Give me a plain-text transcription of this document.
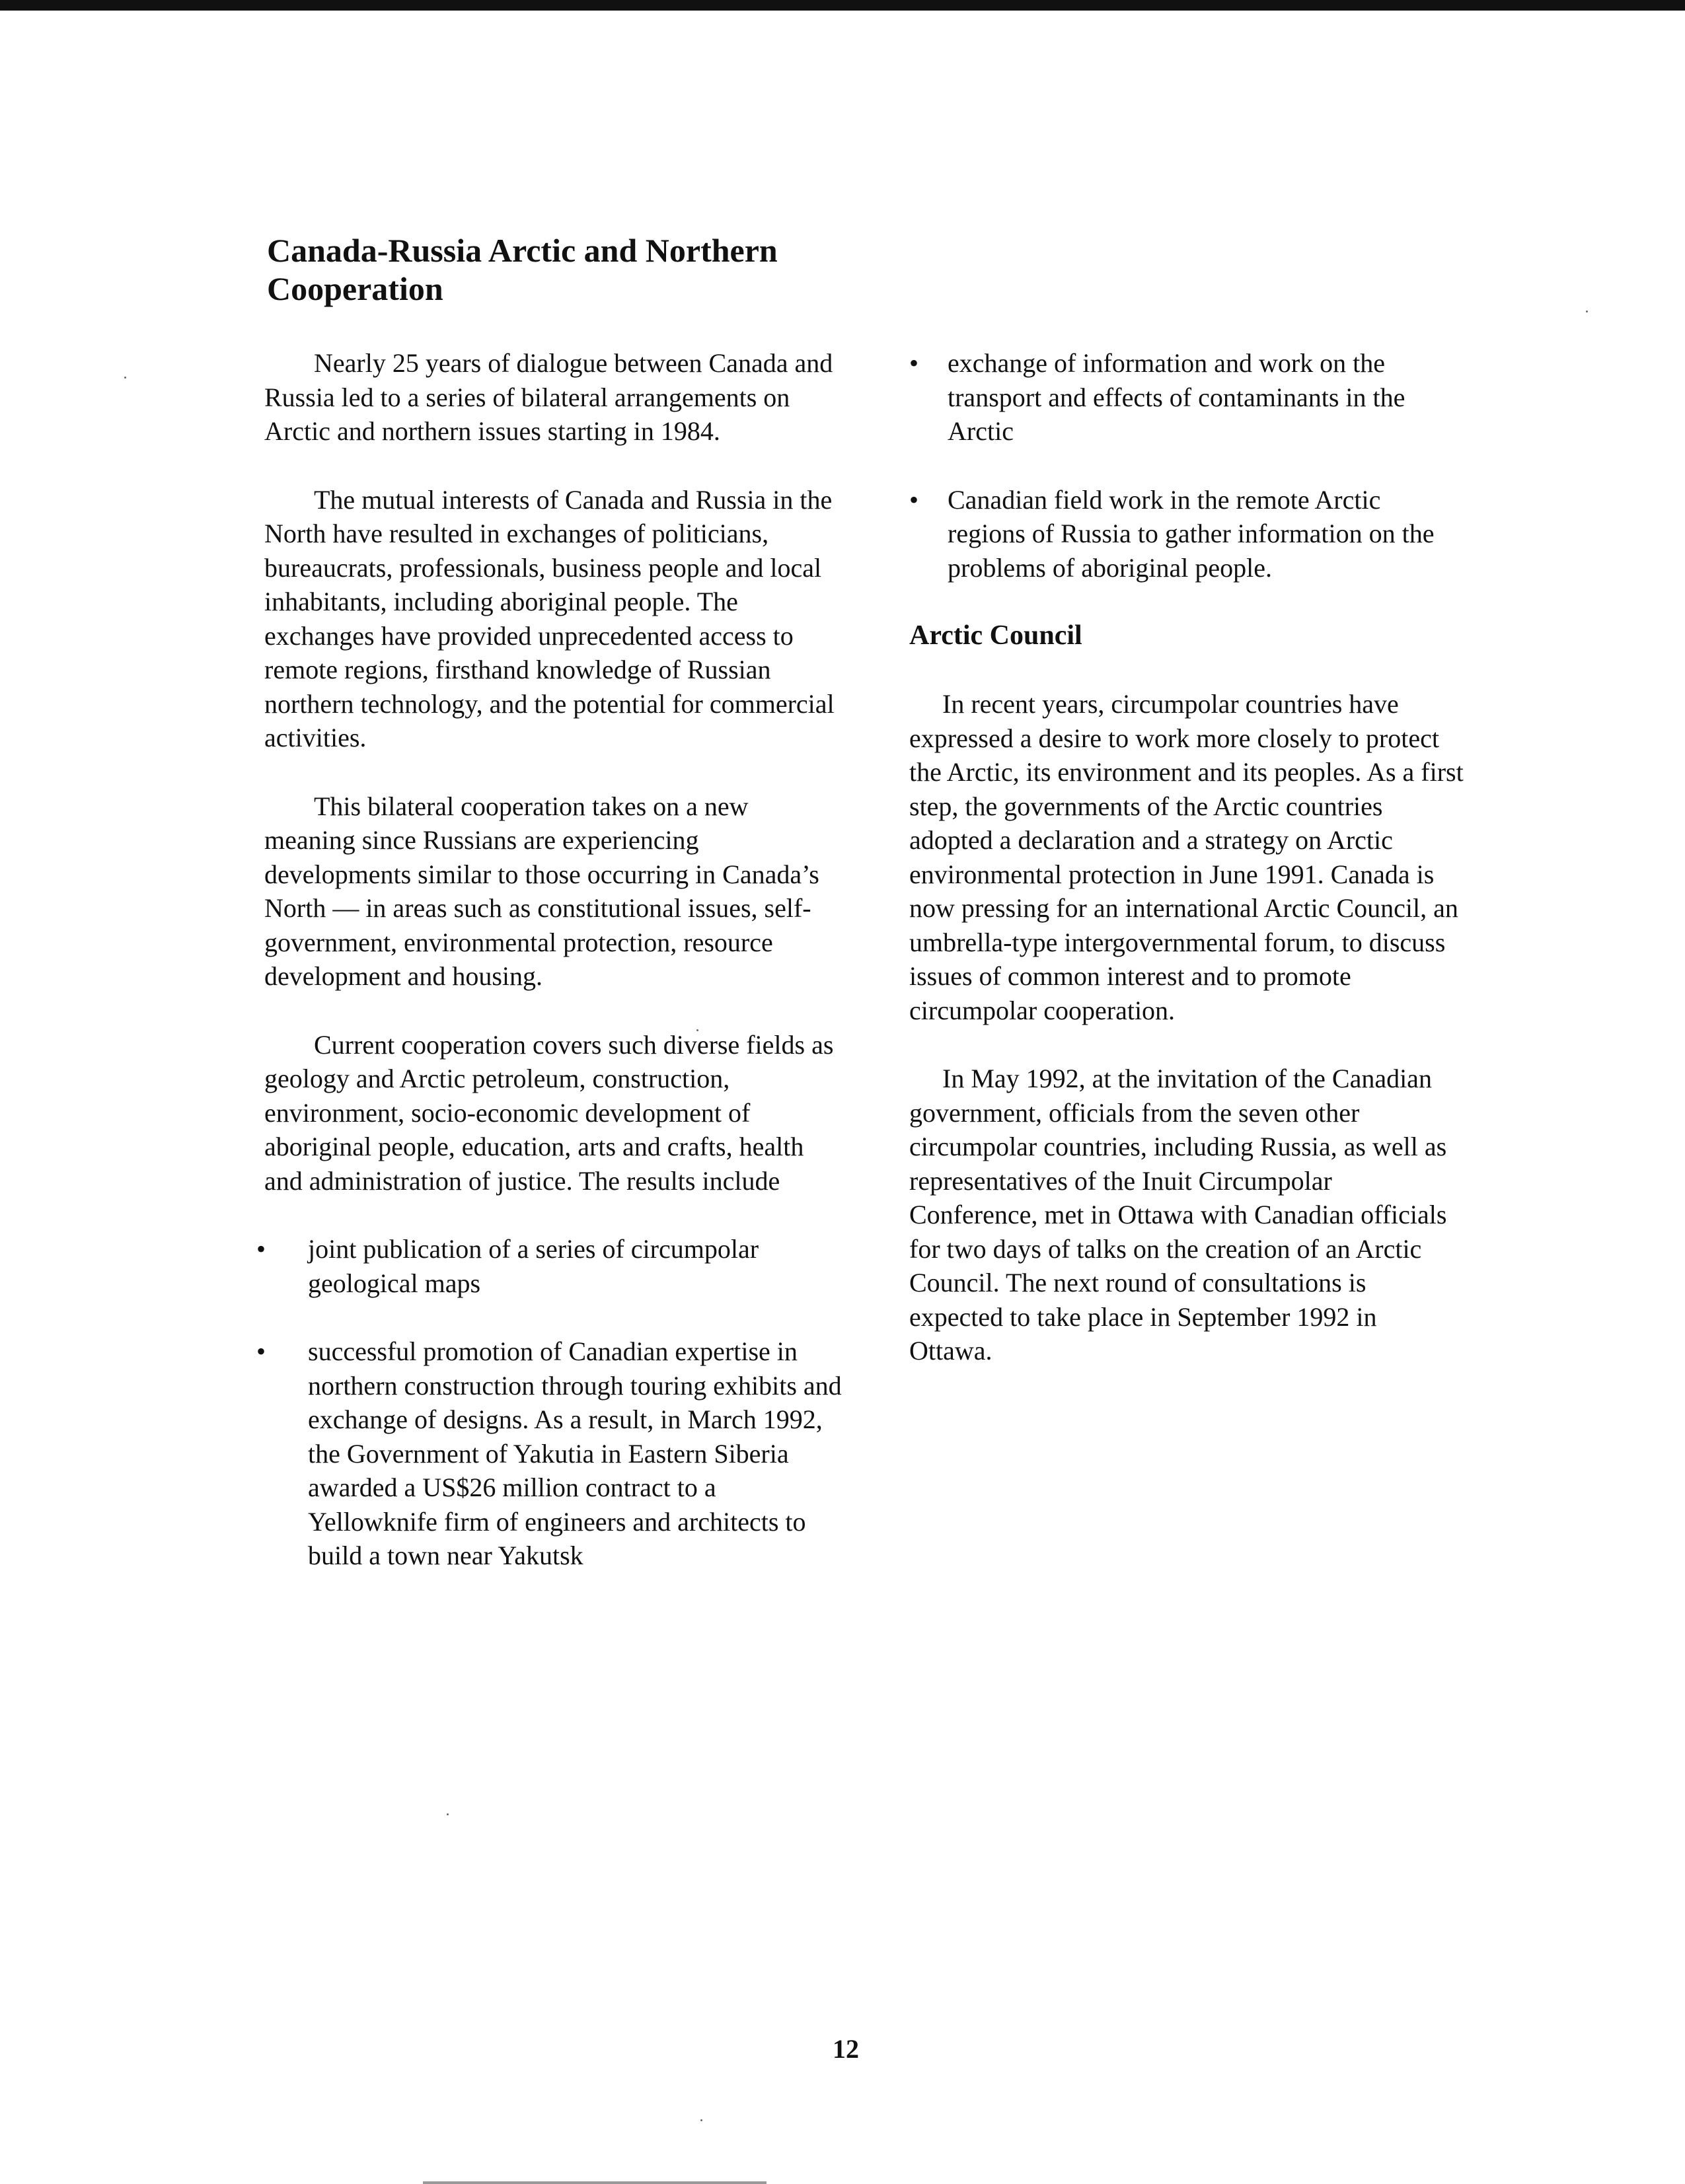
Canada-Russia Arctic and Northern Cooperation

Nearly 25 years of dialogue between Canada and Russia led to a series of bilateral arrangements on Arctic and northern issues starting in 1984.

The mutual interests of Canada and Russia in the North have resulted in exchanges of politicians, bureaucrats, professionals, business people and local inhabitants, including aboriginal people. The exchanges have provided unprecedented access to remote regions, firsthand knowledge of Russian northern technology, and the potential for commercial activities.

This bilateral cooperation takes on a new meaning since Russians are experiencing developments similar to those occurring in Canada’s North — in areas such as constitutional issues, self-government, environmental protection, resource development and housing.

Current cooperation covers such diverse fields as geology and Arctic petroleum, construction, environment, socio-economic development of aboriginal people, education, arts and crafts, health and administration of justice. The results include

• joint publication of a series of circumpolar geological maps
• successful promotion of Canadian expertise in northern construction through touring exhibits and exchange of designs. As a result, in March 1992, the Government of Yakutia in Eastern Siberia awarded a US$26 million contract to a Yellowknife firm of engineers and architects to build a town near Yakutsk
• exchange of information and work on the transport and effects of contaminants in the Arctic
• Canadian field work in the remote Arctic regions of Russia to gather information on the problems of aboriginal people.
Arctic Council

In recent years, circumpolar countries have expressed a desire to work more closely to protect the Arctic, its environment and its peoples. As a first step, the governments of the Arctic countries adopted a declaration and a strategy on Arctic environmental protection in June 1991. Canada is now pressing for an international Arctic Council, an umbrella-type intergovernmental forum, to discuss issues of common interest and to promote circumpolar cooperation.

In May 1992, at the invitation of the Canadian government, officials from the seven other circumpolar countries, including Russia, as well as representatives of the Inuit Circumpolar Conference, met in Ottawa with Canadian officials for two days of talks on the creation of an Arctic Council. The next round of consultations is expected to take place in September 1992 in Ottawa.

12
